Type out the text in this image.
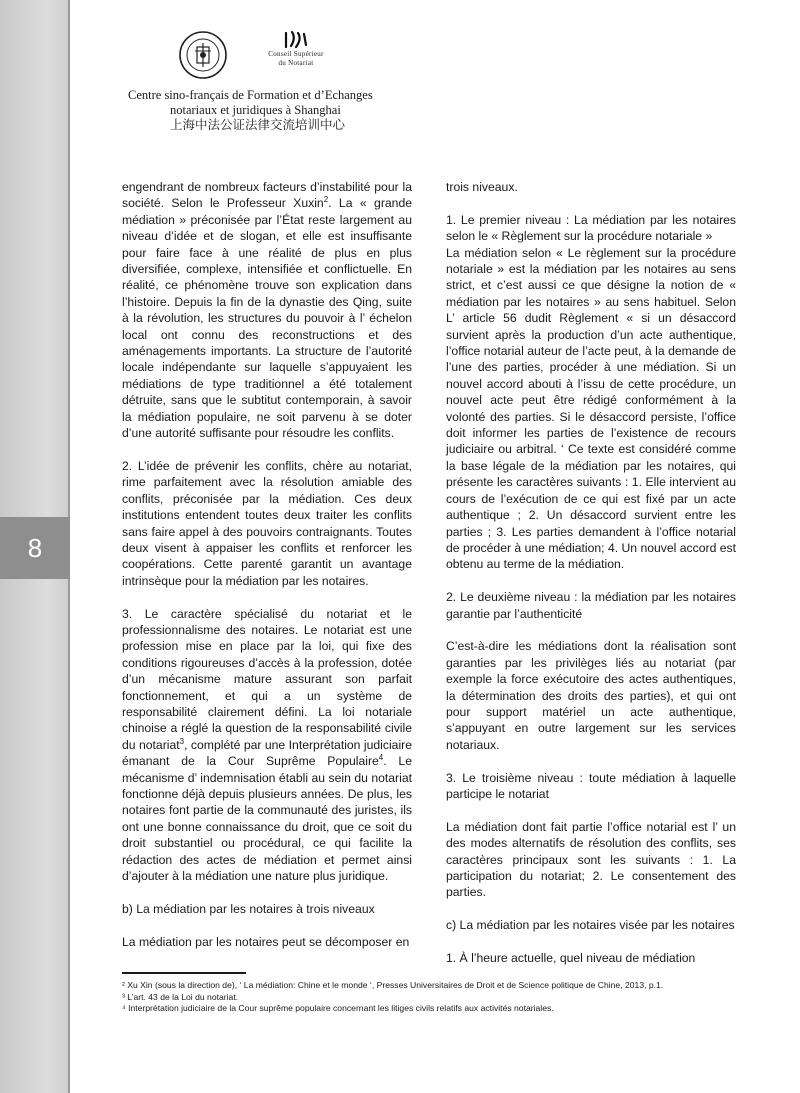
8
Conseil Supérieur
du Notariat
Centre sino-français de Formation et d’Echanges
notariaux et juridiques à Shanghai
上海中法公证法律交流培训中心

engendrant de nombreux facteurs d’instabilité pour la société. Selon le Professeur Xuxin$^2$. La « grande médiation » préconisée par l’État reste largement au niveau d’idée et de slogan, et elle est insuffisante pour faire face à une réalité de plus en plus diversifiée, complexe, intensifiée et conflictuelle. En réalité, ce phénomène trouve son explication dans l’histoire. Depuis la fin de la dynastie des Qing, suite à la révolution, les structures du pouvoir à l’ échelon local ont connu des reconstructions et des aménagements importants. La structure de l’autorité locale indépendante sur laquelle s’appuyaient les médiations de type traditionnel a été totalement détruite, sans que le subtitut contemporain, à savoir la médiation populaire, ne soit parvenu à se doter d’une autorité suffisante pour résoudre les conflits.

2. L’idée de prévenir les conflits, chère au notariat, rime parfaitement avec la résolution amiable des conflits, préconisée par la médiation. Ces deux institutions entendent toutes deux traiter les conflits sans faire appel à des pouvoirs contraignants. Toutes deux visent à appaiser les conflits et renforcer les coopérations. Cette parenté garantit un avantage intrinsèque pour la médiation par les notaires.

3. Le caractère spécialisé du notariat et le professionnalisme des notaires. Le notariat est une profession mise en place par la loi, qui fixe des conditions rigoureuses d’accès à la profession, dotée d’un mécanisme mature assurant son parfait fonctionnement, et qui a un système de responsabilité clairement défini. La loi notariale chinoise a réglé la question de la responsabilité civile du notariat$^3$, complété par une Interprétation judiciaire émanant de la Cour Suprême Populaire$^4$. Le mécanisme d’ indemnisation établi au sein du notariat fonctionne déjà depuis plusieurs années. De plus, les notaires font partie de la communauté des juristes, ils ont une bonne connaissance du droit, que ce soit du droit substantiel ou procédural, ce qui facilite la rédaction des actes de médiation et permet ainsi d’ajouter à la médiation une nature plus juridique.

b) La médiation par les notaires à trois niveaux

La médiation par les notaires peut se décomposer en

trois niveaux.

1. Le premier niveau : La médiation par les notaires selon le « Règlement sur la procédure notariale »
La médiation selon « Le règlement sur la procédure notariale » est la médiation par les notaires au sens strict, et c’est aussi ce que désigne la notion de « médiation par les notaires » au sens habituel. Selon L’ article 56 dudit Règlement « si un désaccord survient après la production d’un acte authentique, l’office notarial auteur de l’acte peut, à la demande de l’une des parties, procéder à une médiation. Si un nouvel accord abouti à l’issu de cette procédure, un nouvel acte peut être rédigé conformément à la volonté des parties. Si le désaccord persiste, l’office doit informer les parties de l’existence de recours judiciaire ou arbitral. ‘ Ce texte est considéré comme la base légale de la médiation par les notaires, qui présente les caractères suivants : 1. Elle intervient au cours de l’exécution de ce qui est fixé par un acte authentique ; 2. Un désaccord survient entre les parties ; 3. Les parties demandent à l’office notarial de procéder à une médiation; 4. Un nouvel accord est obtenu au terme de la médiation.

2. Le deuxième niveau : la médiation par les notaires garantie par l’authenticité

C’est-à-dire les médiations dont la réalisation sont garanties par les privilèges liés au notariat (par exemple la force exécutoire des actes authentiques, la détermination des droits des parties), et qui ont pour support matériel un acte authentique, s’appuyant en outre largement sur les services notariaux.

3. Le troisième niveau : toute médiation à laquelle participe le notariat

La médiation dont fait partie l’office notarial est l’ un des modes alternatifs de résolution des conflits, ses caractères principaux sont les suivants : 1. La participation du notariat; 2. Le consentement des parties.

c) La médiation par les notaires visée par les notaires

1. À l’heure actuelle, quel niveau de médiation

² Xu Xin (sous la direction de), ‘ La médiation: Chine et le monde ‘, Presses Universitaires de Droit et de Science politique de Chine, 2013, p.1.
³ L’art. 43 de la Loi du notariat.
⁴ Interprétation judiciaire de la Cour suprême populaire concernant les litiges civils relatifs aux activités notariales.
